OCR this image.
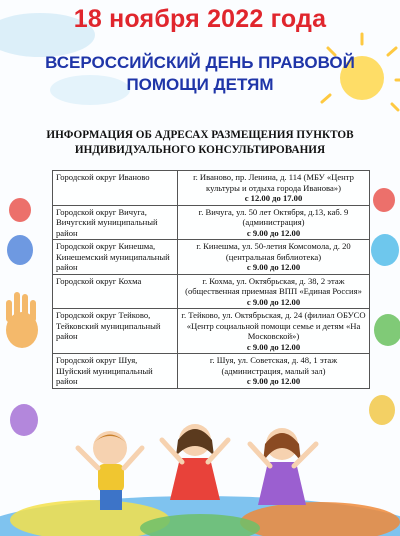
18 ноября 2022 года
ВСЕРОССИЙСКИЙ ДЕНЬ ПРАВОВОЙ
ПОМОЩИ ДЕТЯМ
ИНФОРМАЦИЯ ОБ АДРЕСАХ РАЗМЕЩЕНИЯ ПУНКТОВ
ИНДИВИДУАЛЬНОГО КОНСУЛЬТИРОВАНИЯ
Городской округ Иваново	г. Иваново, пр. Ленина, д. 114 (МБУ «Центр культуры и отдыха города Иванова»)
с 12.00 до 17.00

Городской округ Вичуга, Вичугский муниципальный район	г. Вичуга, ул. 50 лет Октября, д.13, каб. 9 (администрация)
с 9.00 до 12.00

Городской округ Кинешма, Кинешемский муниципальный район	г. Кинешма, ул. 50-летия Комсомола, д. 20 (центральная библиотека)
с 9.00 до 12.00

Городской округ Кохма	г. Кохма, ул. Октябрьская, д. 38, 2 этаж (общественная приемная ВПП «Единая Россия»
с 9.00 до 12.00

Городской округ Тейково, Тейковский муниципальный район	г. Тейково, ул. Октябрьская, д. 24 (филиал ОБУСО «Центр социальной помощи семье и детям «На Московской»)
с 9.00 до 12.00

Городской округ Шуя, Шуйский муниципальный район	г. Шуя, ул. Советская, д. 48, 1 этаж (администрация, малый зал)
с 9.00 до 12.00
